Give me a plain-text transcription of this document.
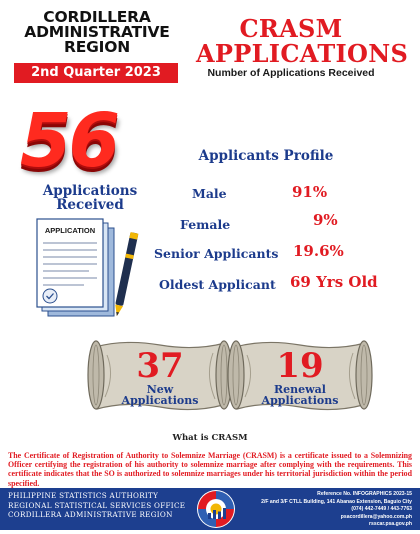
CORDILLERA
ADMINISTRATIVE
REGION
2nd Quarter 2023
CRASM
APPLICATIONS
Number of Applications Received
56
Applications
Received
APPLICATION
Applicants Profile
Male	91%
Female	9%
Senior Applicants 19.6%
Oldest Applicant 69 Yrs Old
37
New
Applications
19
Renewal
Applications
What is CRASM
The Certificate of Registration of Authority to Solemnize Marriage (CRASM) is a certificate issued to a Solemnizing Officer certifying the registration of his authority to solemnize marriage after complying with the requirements. This certificate indicates that the SO is authorized to solemnize marriages under his territorial jurisdiction within the period specified.
PHILIPPINE STATISTICS AUTHORITY
REGIONAL STATISTICAL SERVICES OFFICE
CORDILLERA ADMINISTRATIVE REGION
Reference No. INFOGRAPHICS 2023-15
2/F and 3/F CTLL Building, 141 Abanao Extension, Baguio City
(074) 442-7449 / 443-7763
psacordillera@yahoo.com.ph
rsscar.psa.gov.ph
